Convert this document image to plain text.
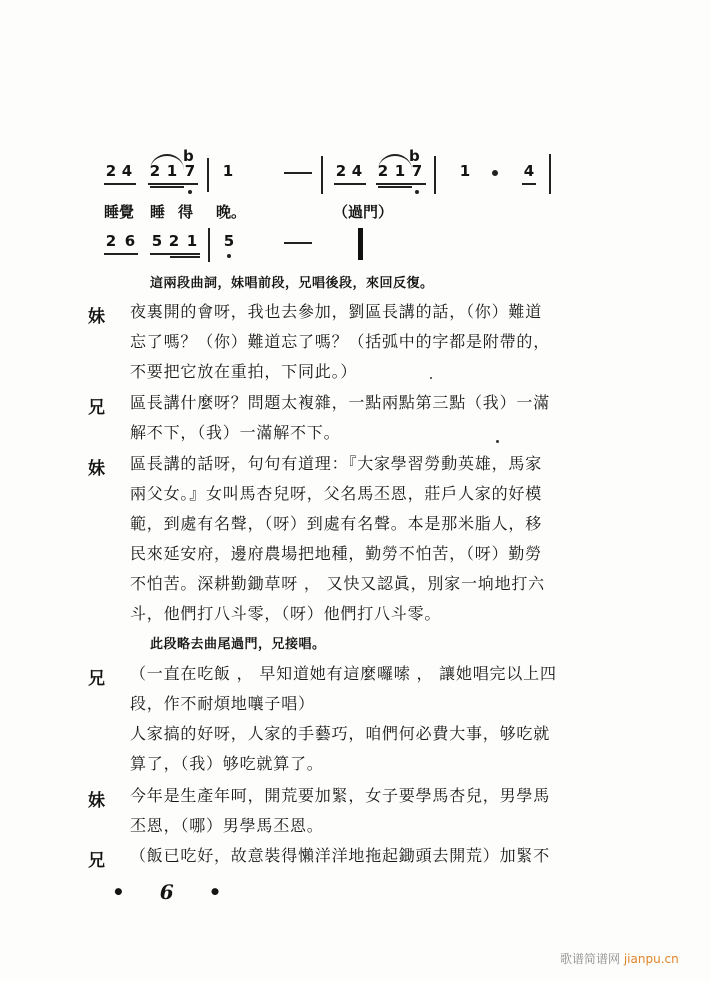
2 4
b
2 1 7 1	2 4
b
2 1 7	1	4
睡覺 睡 得 晚。	（過門）
2 6 5 2 1 5
這兩段曲詞，妹唱前段，兄唱後段，來回反復。
妹 夜裏開的會呀，我也去參加，劉區長講的話，（你）難道
忘了嗎？（你）難道忘了嗎？（括弧中的字都是附帶的，
不要把它放在重拍，下同此。）
兄 區長講什麼呀？問題太複雜，一點兩點第三點（我）一滿
解不下，（我）一滿解不下。
妹 區長講的話呀，句句有道理：『大家學習勞動英雄，馬家
兩父女。』女叫馬杏兒呀，父名馬丕恩，莊戶人家的好模
範，到處有名聲，（呀）到處有名聲。本是那米脂人，移
民來延安府，邊府農場把地種，勤勞不怕苦，（呀）勤勞
不怕苦。深耕勤鋤草呀 ， 又快又認眞，別家一垧地打六
斗，他們打八斗零，（呀）他們打八斗零。
此段略去曲尾過門，兄接唱。
兄 （一直在吃飯 ， 早知道她有這麼囉嗦 ， 讓她唱完以上四
段，作不耐煩地嚷子唱）
人家搞的好呀，人家的手藝巧，咱們何必費大事，够吃就
算了，（我）够吃就算了。
妹 今年是生產年呵，開荒要加緊，女子要學馬杏兒，男學馬
丕恩，（哪）男學馬丕恩。
兄 （飯已吃好，故意裝得懶洋洋地拖起鋤頭去開荒）加緊不
• 6 •
歌谱简谱网 jianpu.cn
